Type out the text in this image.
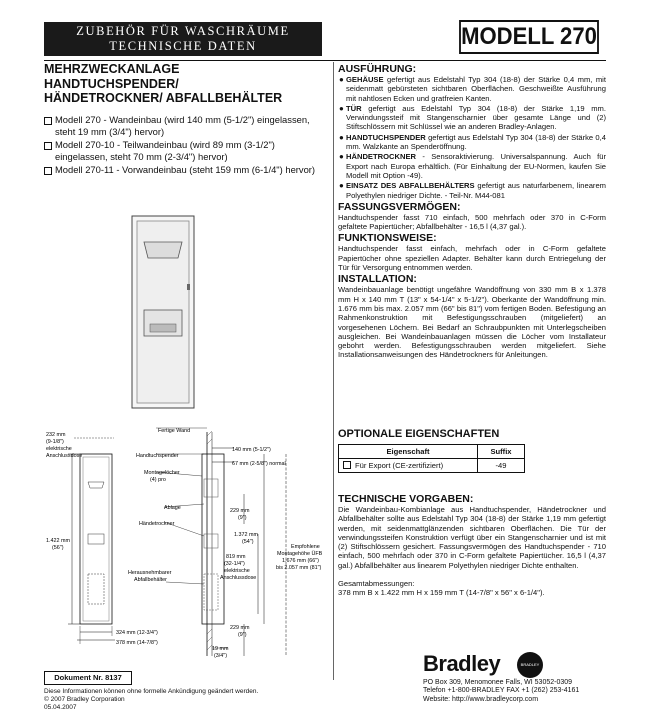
ZUBEHÖR FÜR WASCHRÄUME
TECHNISCHE DATEN	MODELL 270
MEHRZWECKANLAGE
HANDTUCHSPENDER/
HÄNDETROCKNER/ ABFALLBEHÄLTER
Modell 270 - Wandeinbau (wird 140 mm (5-1/2") eingelassen, steht 19 mm (3/4") hervor)
Modell 270-10 - Teilwandeinbau (wird 89 mm (3-1/2") eingelassen, steht 70 mm (2-3/4") hervor)
Modell 270-11 - Vorwandeinbau (steht 159 mm (6-1/4") hervor)
AUSFÜHRUNG:
● GEHÄUSE gefertigt aus Edelstahl Typ 304 (18-8) der Stärke 0,4 mm, mit seidenmatt gebürsteten sichtbaren Oberflächen. Geschweißte Ausführung mit nahtlosen Ecken und gratfreien Kanten.
● TÜR gefertigt aus Edelstahl Typ 304 (18-8) der Stärke 1,19 mm. Verwindungssteif mit Stangenscharnier über gesamte Länge und (2) Stiftschlössern mit Schlüssel wie an anderen Bradley-Anlagen.
● HANDTUCHSPENDER gefertigt aus Edelstahl Typ 304 (18-8) der Stärke 0,4 mm. Walzkante an Spenderöffnung.
● HÄNDETROCKNER - Sensoraktivierung. Universalspannung. Auch für Export nach Europa erhältlich. (Für Einhaltung der EU-Normen, kaufen Sie Modell mit Option -49).
● EINSATZ DES ABFALLBEHÄLTERS gefertigt aus naturfarbenem, linearem Polyethylen niedriger Dichte. - Teil-Nr. M44-081
FASSUNGSVERMÖGEN:
Handtuchspender fasst 710 einfach, 500 mehrfach oder 370 in C-Form gefaltete Papiertücher; Abfallbehälter - 16,5 l (4,37 gal.).
FUNKTIONSWEISE:
Handtuchspender fasst einfach, mehrfach oder in C-Form gefaltete Papiertücher ohne speziellen Adapter. Behälter kann durch Entriegelung der Tür für Versorgung entnommen werden.
INSTALLATION:
Wandeinbauanlage benötigt ungefähre Wandöffnung von 330 mm B x 1.378 mm H x 140 mm T (13" x 54-1/4" x 5-1/2"). Oberkante der Wandöffnung min. 1.676 mm bis max. 2.057 mm (66" bis 81") vom fertigen Boden. Befestigung an Rahmenkonstruktion mit Befestigungsschrauben (mitgeliefert) an vorgesehenen Löchern. Bei Bedarf an Schraubpunkten mit Unterlegscheiben ausgleichen. Bei Wandeinbauanlagen müssen die Löcher vom Installateur gebohrt werden. Befestigungsschrauben werden mitgeliefert. Siehe Installationsanweisungen des Händetrockners für Anleitungen.
OPTIONALE EIGENSCHAFTEN
Eigenschaft	Suffix
Für Export (CE-zertifiziert)	-49
TECHNISCHE VORGABEN:
Die Wandeinbau-Kombianlage aus Handtuchspender, Händetrockner und Abfallbehälter sollte aus Edelstahl Typ 304 (18-8) der Stärke 1,19 mm gefertigt werden, mit seidenmattglänzenden sichtbaren Oberflächen. Die Tür der verwindungssteifen Konstruktion verfügt über ein Stangenscharnier und ist mit (2) Stiftschlössern gesichert. Fassungsvermögen des Handtuchspender - 710 einfach, 500 mehrfach oder 370 in C-Form gefaltete Papiertücher. 16,5 l (4,37 gal.) Abfallbehälter aus linearem Polyethylen niedriger Dichte enthalten.
Gesamtabmessungen:
378 mm B x 1.422 mm H x 159 mm T (14-7/8" x 56" x 6-1/4").
232 mm
(9-1/8")
elektrische
Anschlussdose
Fertige Wand
Handtuchspender
140 mm (5-1/2")
67 mm (2-5/8") normal
Montagelöcher
(4) pro
Ablage	229 mm
(9")
Händetrockner
1.372 mm
(54")
1.422 mm
(56")
819 mm
(32-1/4")
elektrische
Anschlussdose
Empfohlene
Montagehöhe ÜFB
1.676 mm (66")
bis 2.057 mm (81")
Herausnehmbarer
Abfallbehälter
229 mm
(9")
324 mm (12-3/4")
378 mm (14-7/8")
19 mm
(3/4")
Dokument Nr. 8137
Diese Informationen können ohne formelle Ankündigung geändert werden.
© 2007 Bradley Corporation
05.04.2007
Bradley	BRADLEY
PO Box 309, Menomonee Falls, WI 53052-0309
Telefon +1-800-BRADLEY FAX +1 (262) 253-4161
Website: http://www.bradleycorp.com
